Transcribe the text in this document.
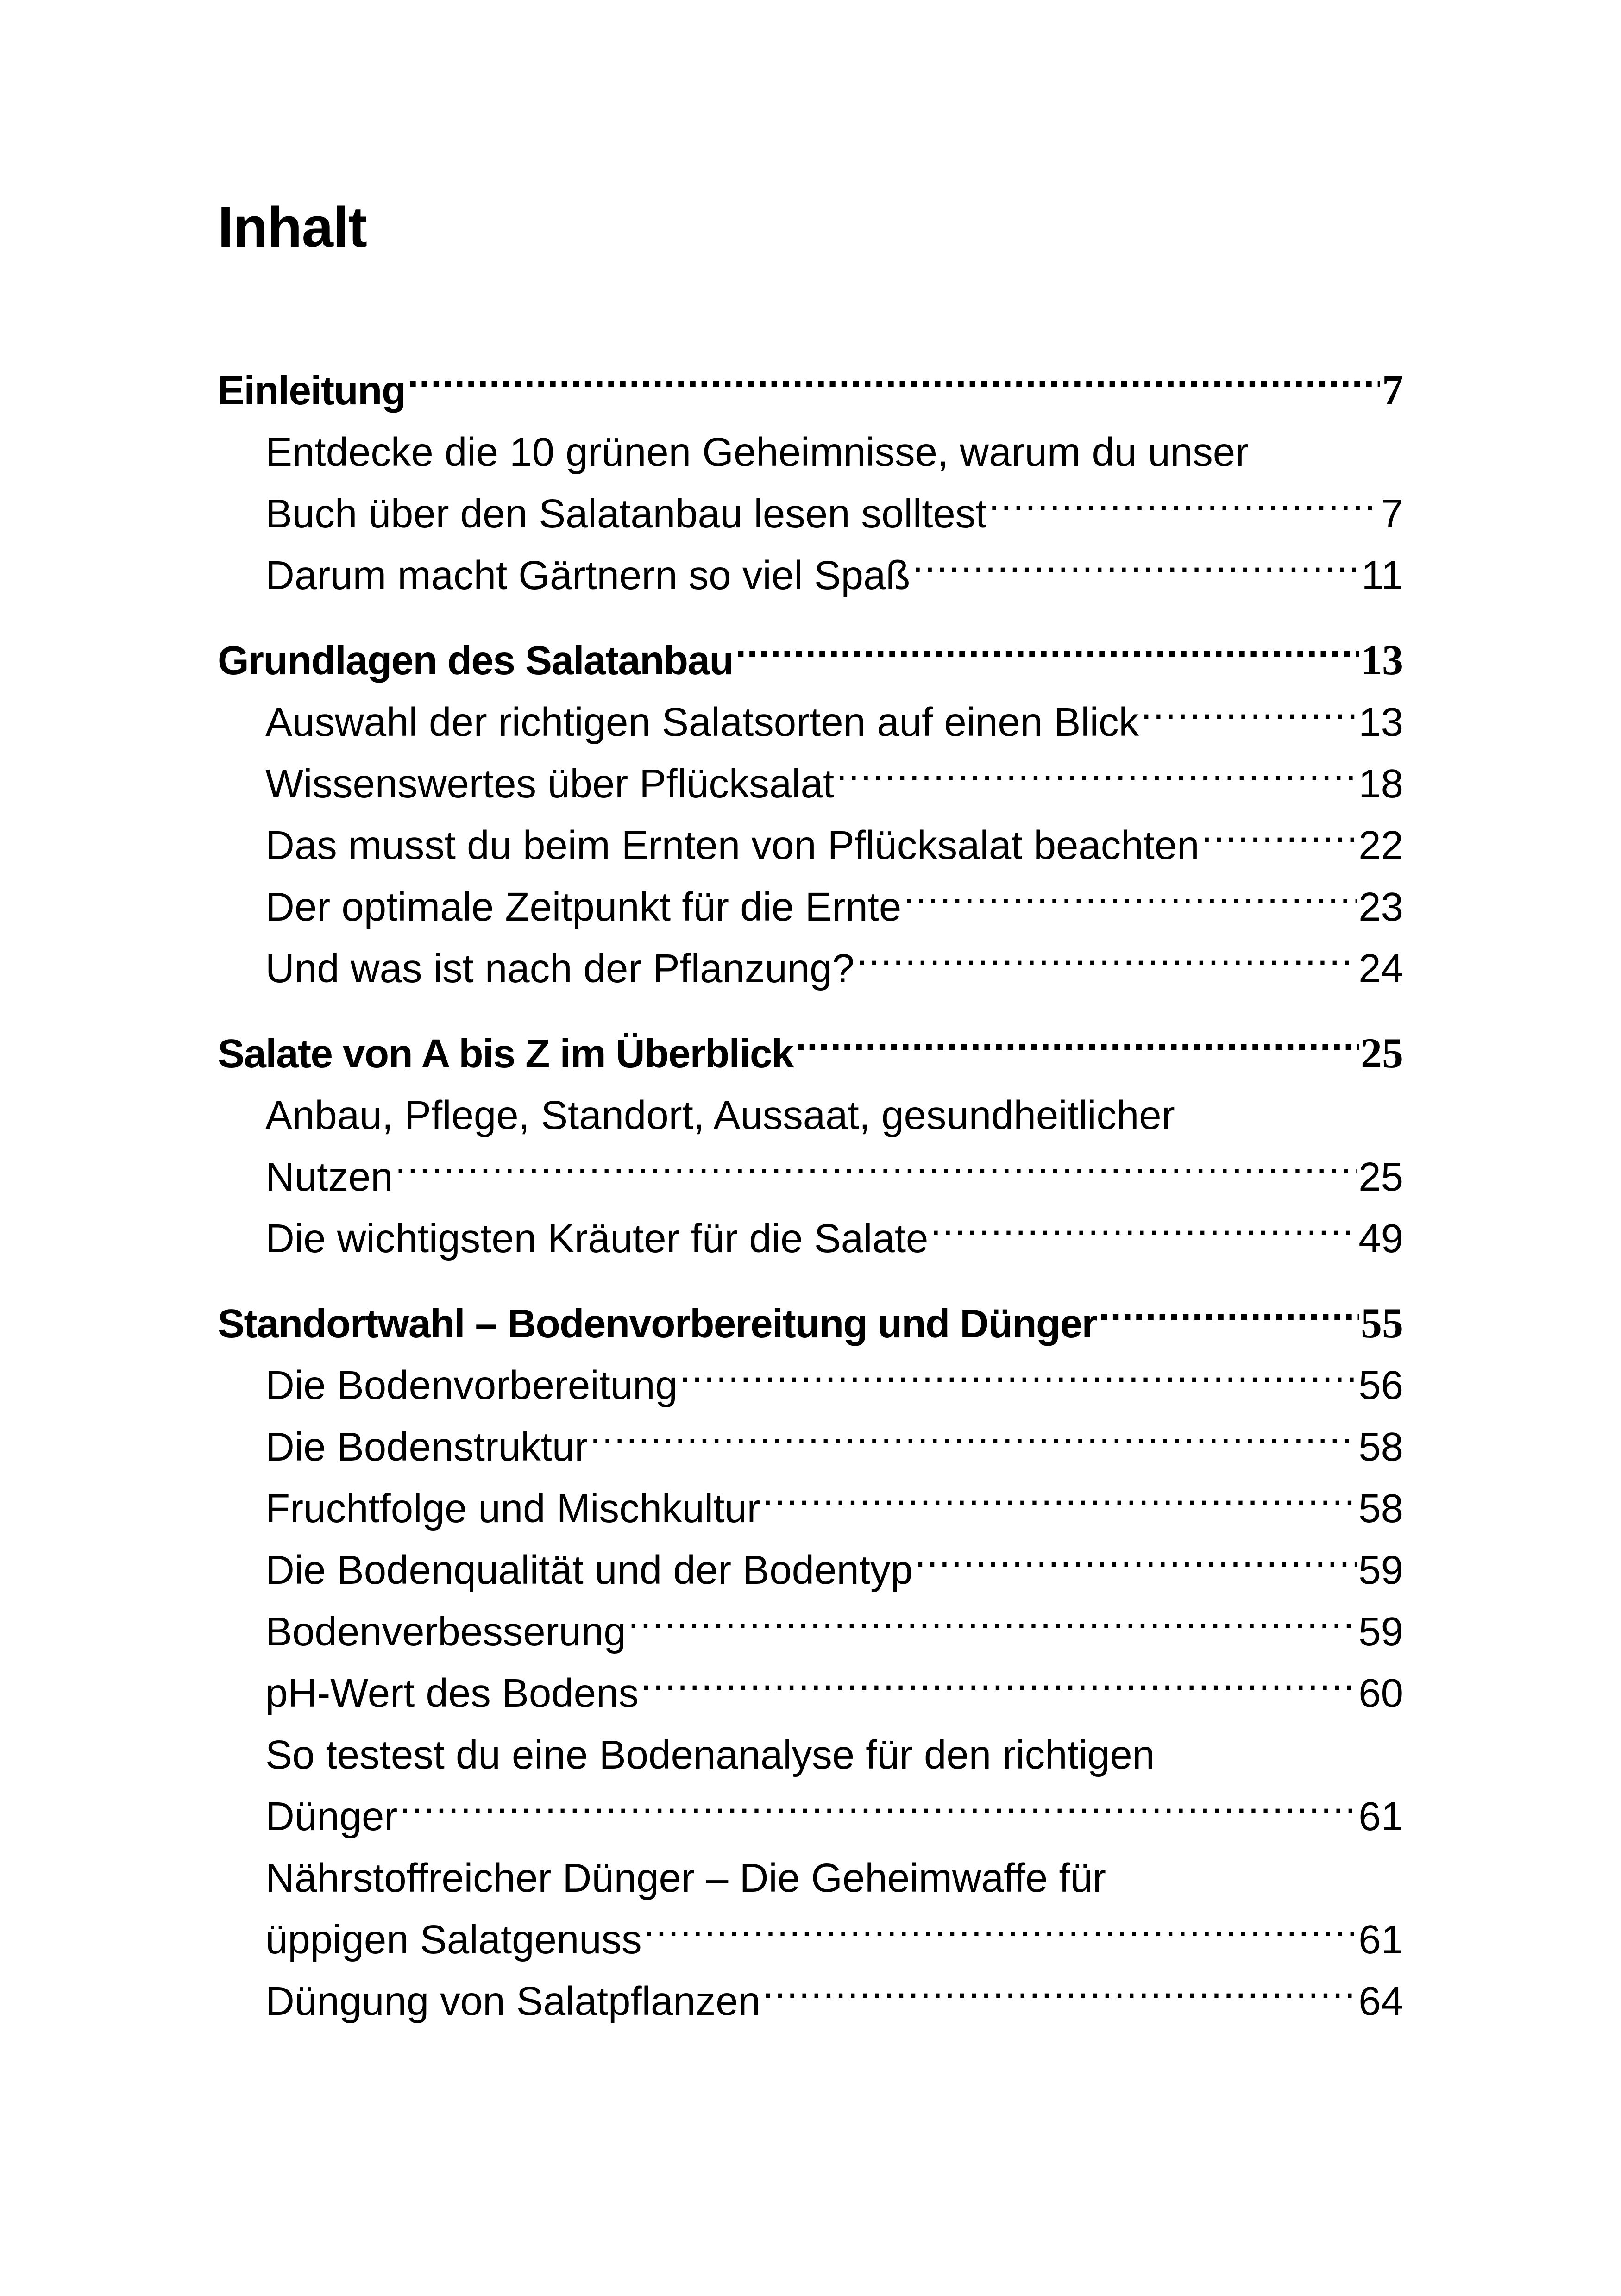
Inhalt
Einleitung .....	7
Entdecke die 10 grünen Geheimnisse, warum du unser
Buch über den Salatanbau lesen solltest .....	7
Darum macht Gärtnern so viel Spaß .....	11
Grundlagen des Salatanbau .....	13
Auswahl der richtigen Salatsorten auf einen Blick .....	13
Wissenswertes über Pflücksalat .....	18
Das musst du beim Ernten von Pflücksalat beachten .....	22
Der optimale Zeitpunkt für die Ernte .....	23
Und was ist nach der Pflanzung? .....	24
Salate von A bis Z im Überblick .....	25
Anbau, Pflege, Standort, Aussaat, gesundheitlicher
Nutzen .....	25
Die wichtigsten Kräuter für die Salate .....	49
Standortwahl – Bodenvorbereitung und Dünger .....	55
Die Bodenvorbereitung .....	56
Die Bodenstruktur .....	58
Fruchtfolge und Mischkultur .....	58
Die Bodenqualität und der Bodentyp .....	59
Bodenverbesserung .....	59
pH-Wert des Bodens .....	60
So testest du eine Bodenanalyse für den richtigen
Dünger .....	61
Nährstoffreicher Dünger – Die Geheimwaffe für
üppigen Salatgenuss .....	61
Düngung von Salatpflanzen .....	64
